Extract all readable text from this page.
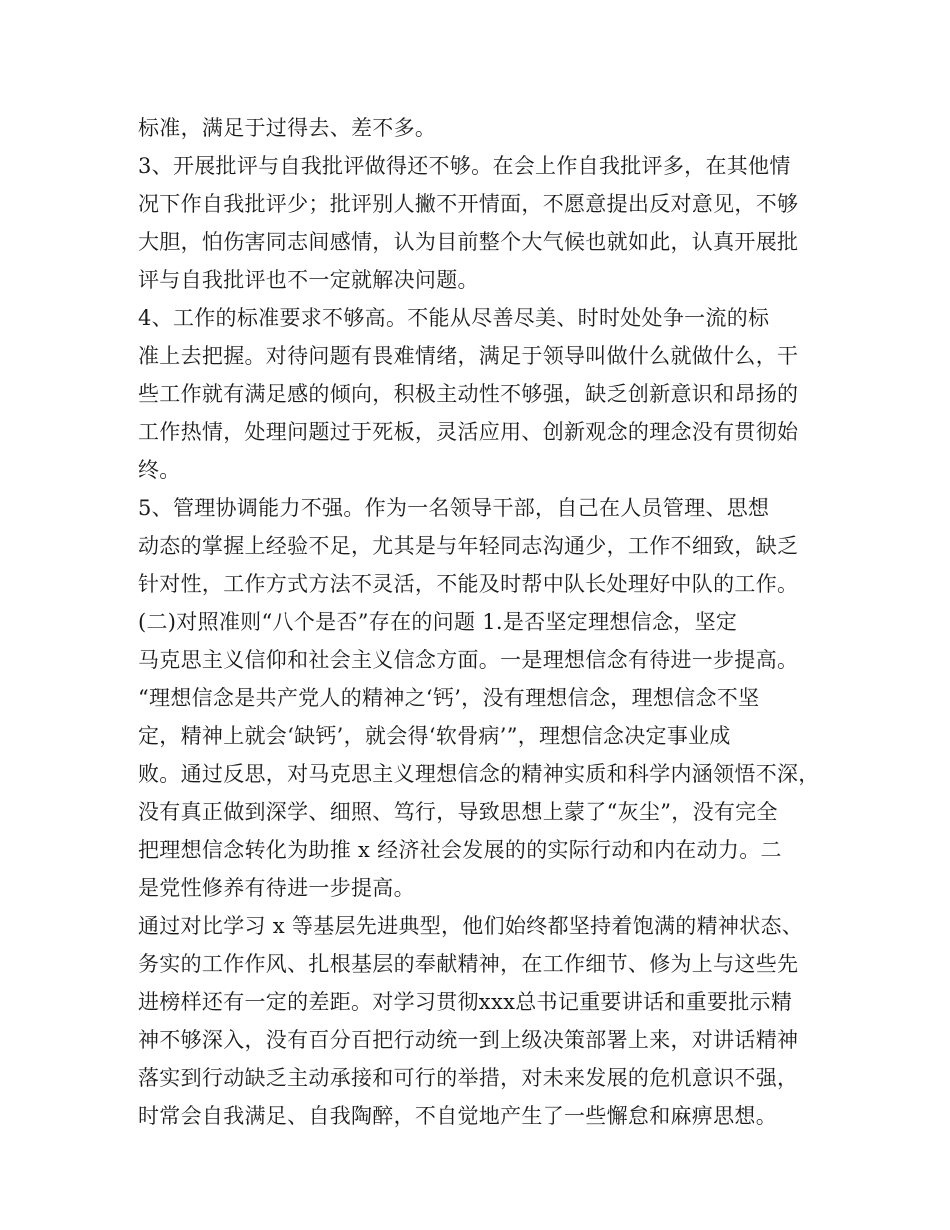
标准，满足于过得去、差不多。

3、开展批评与自我批评做得还不够。在会上作自我批评多，在其他情

况下作自我批评少；批评别人撇不开情面，不愿意提出反对意见，不够

大胆，怕伤害同志间感情，认为目前整个大气候也就如此，认真开展批

评与自我批评也不一定就解决问题。

4、工作的标准要求不够高。不能从尽善尽美、时时处处争一流的标

准上去把握。对待问题有畏难情绪，满足于领导叫做什么就做什么，干

些工作就有满足感的倾向，积极主动性不够强，缺乏创新意识和昂扬的

工作热情，处理问题过于死板，灵活应用、创新观念的理念没有贯彻始

终。

5、管理协调能力不强。作为一名领导干部，自己在人员管理、思想

动态的掌握上经验不足，尤其是与年轻同志沟通少，工作不细致，缺乏

针对性，工作方式方法不灵活，不能及时帮中队长处理好中队的工作。

(二)对照准则“八个是否”存在的问题 1.是否坚定理想信念，坚定

马克思主义信仰和社会主义信念方面。一是理想信念有待进一步提高。

“理想信念是共产党人的精神之‘钙’，没有理想信念，理想信念不坚

定，精神上就会‘缺钙’，就会得‘软骨病’”，理想信念决定事业成

败。通过反思，对马克思主义理想信念的精神实质和科学内涵领悟不深，

没有真正做到深学、细照、笃行，导致思想上蒙了“灰尘”，没有完全

把理想信念转化为助推 x 经济社会发展的的实际行动和内在动力。二

是党性修养有待进一步提高。

通过对比学习 x 等基层先进典型，他们始终都坚持着饱满的精神状态、

务实的工作作风、扎根基层的奉献精神，在工作细节、修为上与这些先

进榜样还有一定的差距。对学习贯彻xxx总书记重要讲话和重要批示精

神不够深入，没有百分百把行动统一到上级决策部署上来，对讲话精神

落实到行动缺乏主动承接和可行的举措，对未来发展的危机意识不强，

时常会自我满足、自我陶醉，不自觉地产生了一些懈怠和麻痹思想。
